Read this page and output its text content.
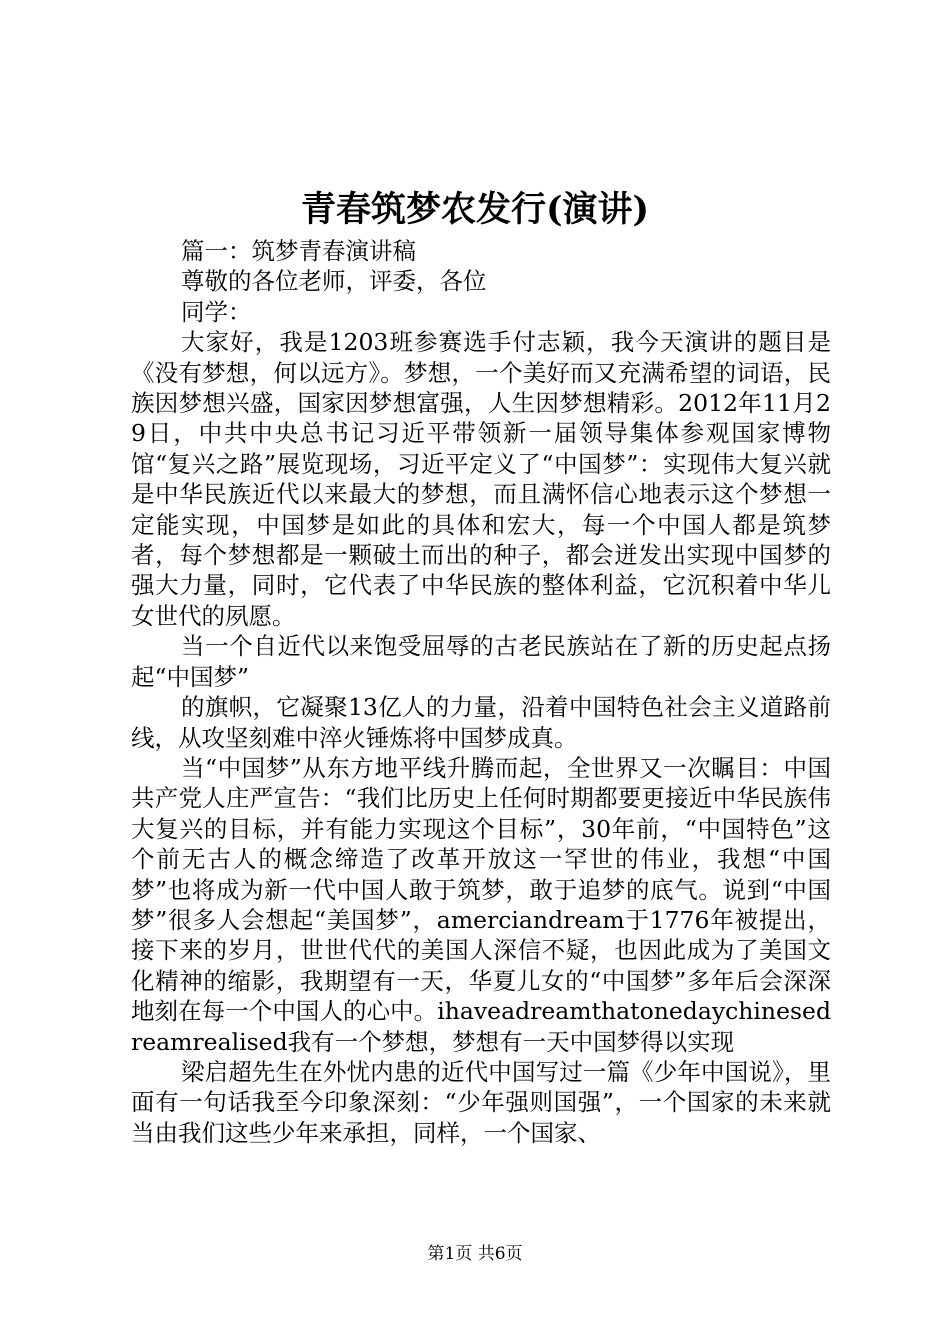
青春筑梦农发行(演讲)

篇一：筑梦青春演讲稿

尊敬的各位老师，评委，各位

同学：

大家好，我是1203班参赛选手付志颖，我今天演讲的题目是《没有梦想，何以远方》。梦想，一个美好而又充满希望的词语，民族因梦想兴盛，国家因梦想富强，人生因梦想精彩。2012年11月29日，中共中央总书记习近平带领新一届领导集体参观国家博物馆“复兴之路”展览现场，习近平定义了“中国梦”：实现伟大复兴就是中华民族近代以来最大的梦想，而且满怀信心地表示这个梦想一定能实现，中国梦是如此的具体和宏大，每一个中国人都是筑梦者，每个梦想都是一颗破土而出的种子，都会迸发出实现中国梦的强大力量，同时，它代表了中华民族的整体利益，它沉积着中华儿女世代的夙愿。

当一个自近代以来饱受屈辱的古老民族站在了新的历史起点扬起“中国梦”

的旗帜，它凝聚13亿人的力量，沿着中国特色社会主义道路前线，从攻坚刻难中淬火锤炼将中国梦成真。

当“中国梦”从东方地平线升腾而起，全世界又一次瞩目：中国共产党人庄严宣告：“我们比历史上任何时期都要更接近中华民族伟大复兴的目标，并有能力实现这个目标”，30年前，“中国特色”这个前无古人的概念缔造了改革开放这一罕世的伟业，我想“中国梦”也将成为新一代中国人敢于筑梦，敢于追梦的底气。说到“中国梦”很多人会想起“美国梦”，amerciandream于1776年被提出，接下来的岁月，世世代代的美国人深信不疑，也因此成为了美国文化精神的缩影，我期望有一天，华夏儿女的“中国梦”多年后会深深地刻在每一个中国人的心中。ihaveadreamthatonedaychinesedreamrealised我有一个梦想，梦想有一天中国梦得以实现

梁启超先生在外忧内患的近代中国写过一篇《少年中国说》，里面有一句话我至今印象深刻：“少年强则国强”，一个国家的未来就当由我们这些少年来承担，同样，一个国家、

第1页 共6页
